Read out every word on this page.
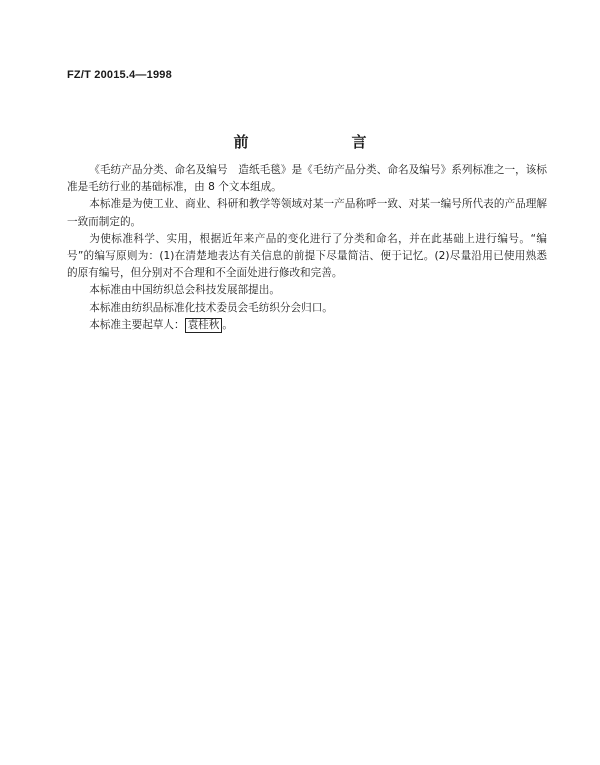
FZ/T 20015.4—1998
前　言

《毛纺产品分类、命名及编号　造纸毛毯》是《毛纺产品分类、命名及编号》系列标准之一，该标准是毛纺行业的基础标准，由 8 个文本组成。

本标准是为使工业、商业、科研和教学等领域对某一产品称呼一致、对某一编号所代表的产品理解一致而制定的。

为使标准科学、实用，根据近年来产品的变化进行了分类和命名，并在此基础上进行编号。“编号”的编写原则为：(1)在清楚地表达有关信息的前提下尽量简洁、便于记忆。(2)尽量沿用已使用熟悉的原有编号，但分别对不合理和不全面处进行修改和完善。

本标准由中国纺织总会科技发展部提出。

本标准由纺织品标准化技术委员会毛纺织分会归口。

本标准主要起草人： 袁桂秋 。
